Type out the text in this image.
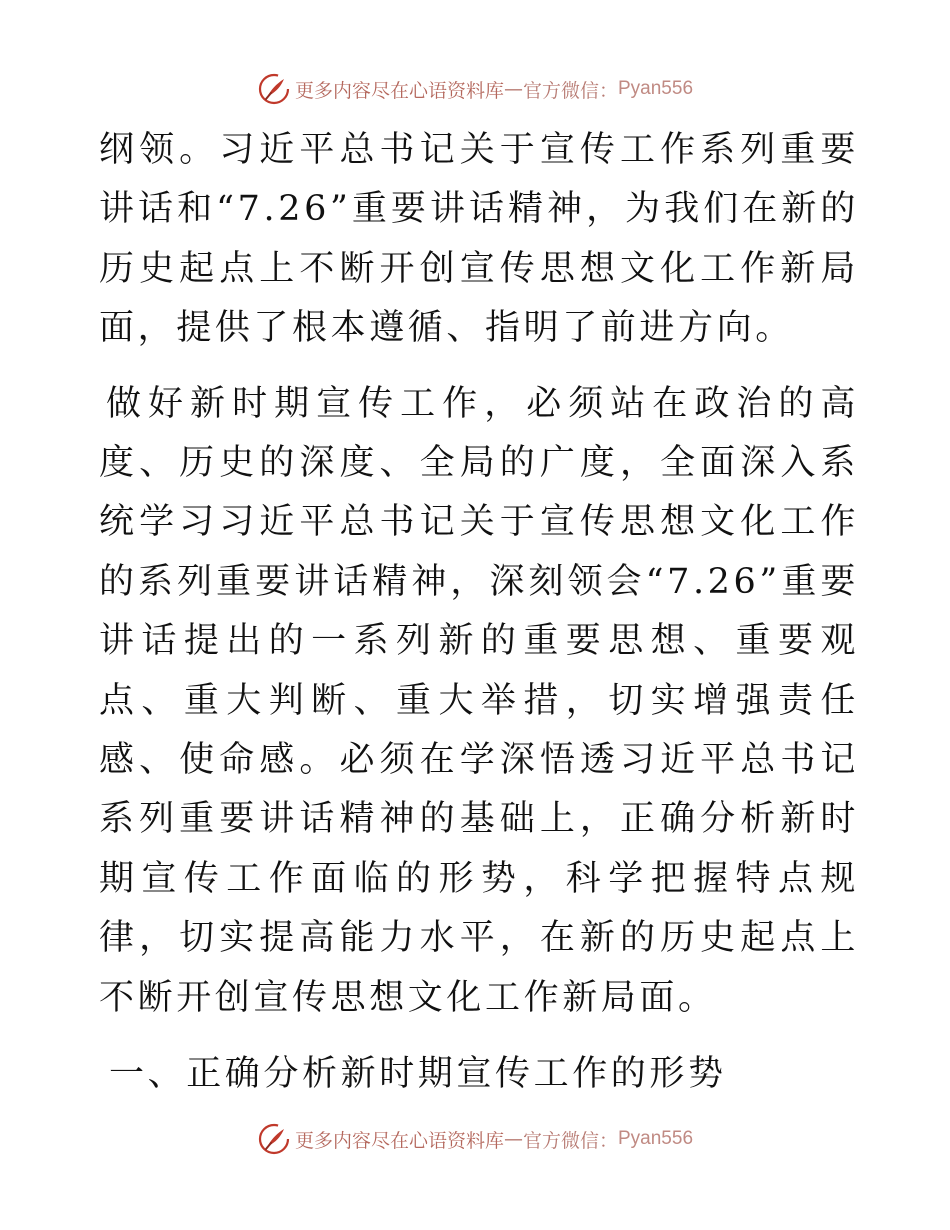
更多内容尽在心语资料库 — 官方微信： Pyan556

纲领。习近平总书记关于宣传工作系列重要讲话和“7.26”重要讲话精神，为我们在新的历史起点上不断开创宣传思想文化工作新局面，提供了根本遵循、指明了前进方向。

做好新时期宣传工作，必须站在政治的高度、历史的深度、全局的广度，全面深入系统学习习近平总书记关于宣传思想文化工作的系列重要讲话精神，深刻领会“7.26”重要讲话提出的一系列新的重要思想、重要观点、重大判断、重大举措，切实增强责任感、使命感。必须在学深悟透习近平总书记系列重要讲话精神的基础上，正确分析新时期宣传工作面临的形势，科学把握特点规律，切实提高能力水平，在新的历史起点上不断开创宣传思想文化工作新局面。

一、正确分析新时期宣传工作的形势

更多内容尽在心语资料库 — 官方微信： Pyan556
